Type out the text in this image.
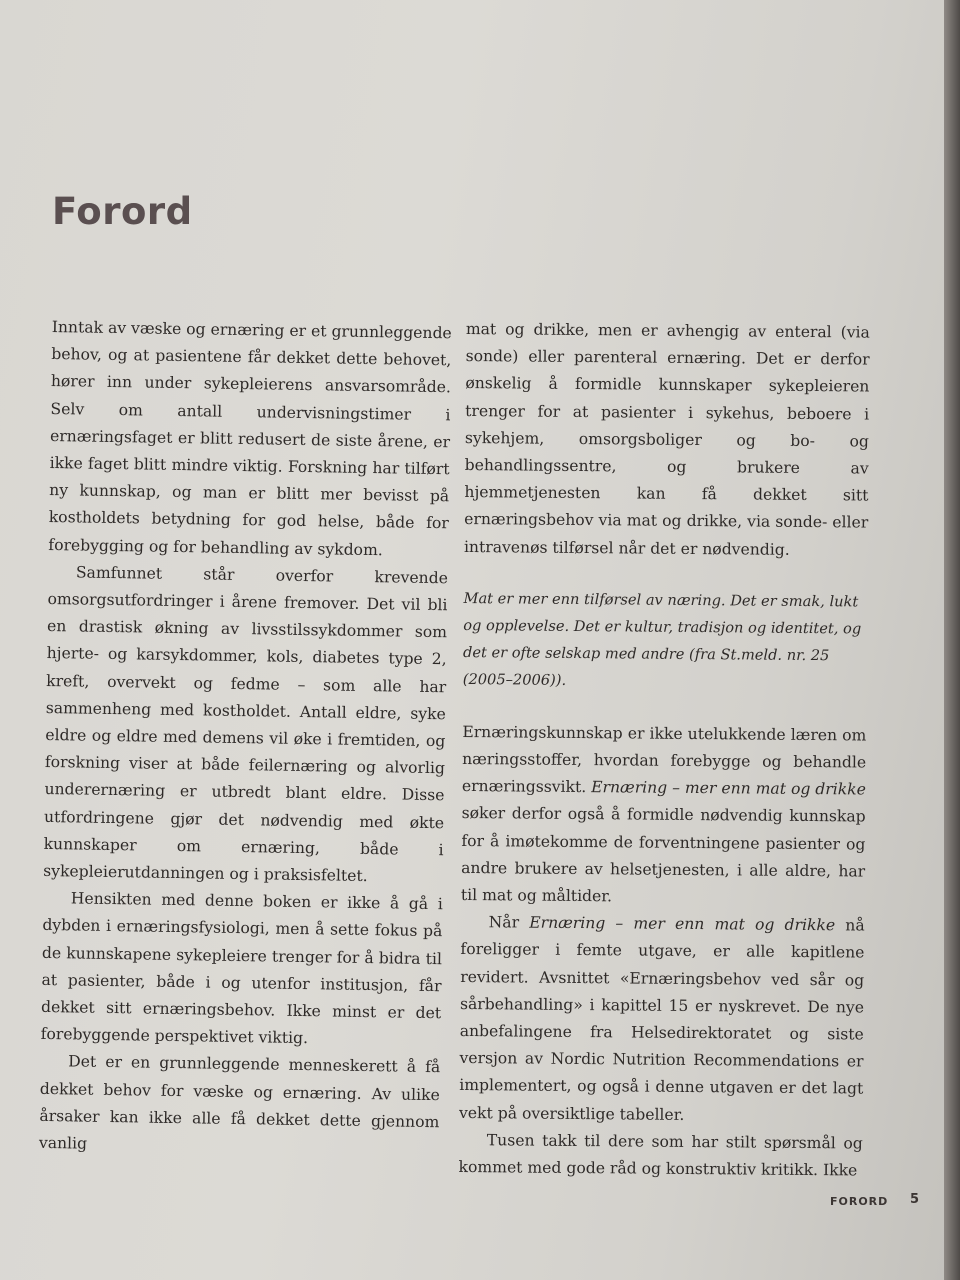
Forord

Inntak av væske og ernæring er et grunnleggende behov, og at pasientene får dekket dette behovet, hører inn under sykepleierens ansvarsområde. Selv om antall undervisningstimer i ernæringsfaget er blitt redusert de siste årene, er ikke faget blitt mindre viktig. Forskning har tilført ny kunnskap, og man er blitt mer bevisst på kostholdets betydning for god helse, både for forebygging og for behandling av sykdom.

Samfunnet står overfor krevende omsorgsutfordringer i årene fremover. Det vil bli en drastisk økning av livsstilssykdommer som hjerte- og karsykdommer, kols, diabetes type 2, kreft, overvekt og fedme – som alle har sammenheng med kostholdet. Antall eldre, syke eldre og eldre med demens vil øke i fremtiden, og forskning viser at både feilernæring og alvorlig underernæring er utbredt blant eldre. Disse utfordringene gjør det nødvendig med økte kunnskaper om ernæring, både i sykepleierutdanningen og i praksisfeltet.

Hensikten med denne boken er ikke å gå i dybden i ernæringsfysiologi, men å sette fokus på de kunnskapene sykepleiere trenger for å bidra til at pasienter, både i og utenfor institusjon, får dekket sitt ernæringsbehov. Ikke minst er det forebyggende perspektivet viktig.

Det er en grunnleggende menneskerett å få dekket behov for væske og ernæring. Av ulike årsaker kan ikke alle få dekket dette gjennom vanlig

mat og drikke, men er avhengig av enteral (via sonde) eller parenteral ernæring. Det er derfor ønskelig å formidle kunnskaper sykepleieren trenger for at pasienter i sykehus, beboere i sykehjem, omsorgsboliger og bo- og behandlingssentre, og brukere av hjemmetjenesten kan få dekket sitt ernæringsbehov via mat og drikke, via sonde- eller intravenøs tilførsel når det er nødvendig.

Mat er mer enn tilførsel av næring. Det er smak, lukt og opplevelse. Det er kultur, tradisjon og identitet, og det er ofte selskap med andre (fra St.meld. nr. 25 (2005–2006)).

Ernæringskunnskap er ikke utelukkende læren om næringsstoffer, hvordan forebygge og behandle ernæringssvikt. Ernæring – mer enn mat og drikke søker derfor også å formidle nødvendig kunnskap for å imøtekomme de forventningene pasienter og andre brukere av helsetjenesten, i alle aldre, har til mat og måltider.

Når Ernæring – mer enn mat og drikke nå foreligger i femte utgave, er alle kapitlene revidert. Avsnittet «Ernæringsbehov ved sår og sårbehandling» i kapittel 15 er nyskrevet. De nye anbefalingene fra Helsedirektoratet og siste versjon av Nordic Nutrition Recommendations er implementert, og også i denne utgaven er det lagt vekt på oversiktlige tabeller.

Tusen takk til dere som har stilt spørsmål og kommet med gode råd og konstruktiv kritikk. Ikke

FORORD 5
